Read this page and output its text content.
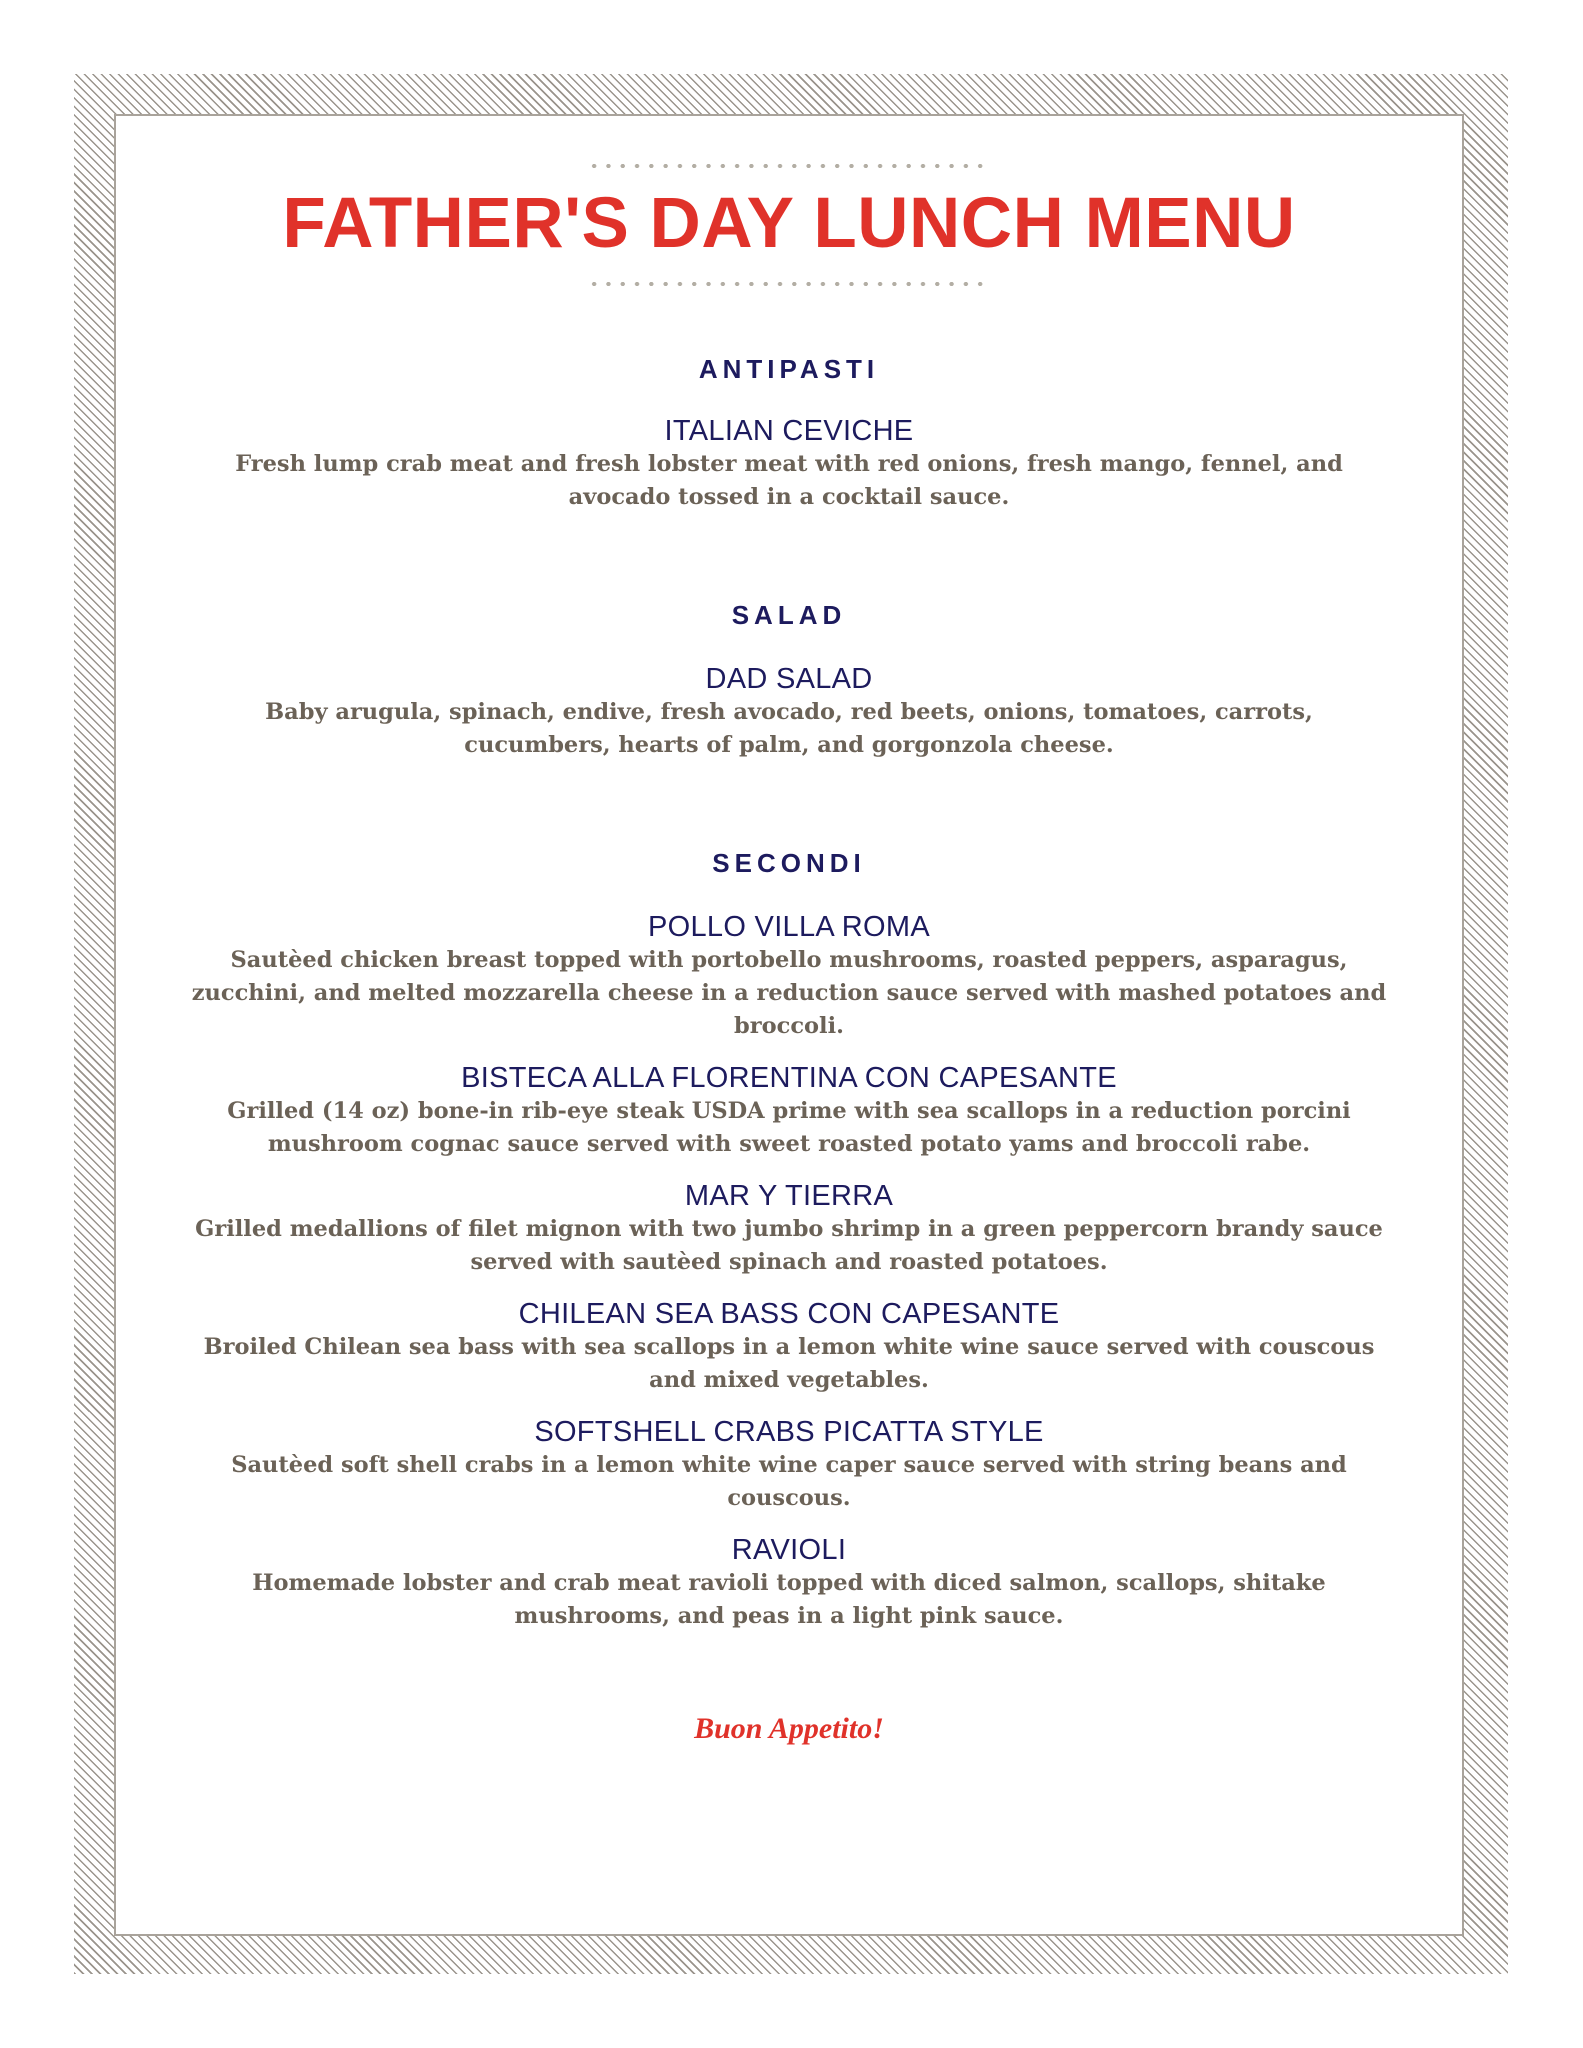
FATHER'S DAY LUNCH MENU
ANTIPASTI
ITALIAN CEVICHE
Fresh lump crab meat and fresh lobster meat with red onions, fresh mango, fennel, and avocado tossed in a cocktail sauce.
SALAD
DAD SALAD
Baby arugula, spinach, endive, fresh avocado, red beets, onions, tomatoes, carrots, cucumbers, hearts of palm, and gorgonzola cheese.
SECONDI
POLLO VILLA ROMA
Sautèed chicken breast topped with portobello mushrooms, roasted peppers, asparagus, zucchini, and melted mozzarella cheese in a reduction sauce served with mashed potatoes and broccoli.
BISTECA ALLA FLORENTINA CON CAPESANTE
Grilled (14 oz) bone-in rib-eye steak USDA prime with sea scallops in a reduction porcini mushroom cognac sauce served with sweet roasted potato yams and broccoli rabe.
MAR Y TIERRA
Grilled medallions of filet mignon with two jumbo shrimp in a green peppercorn brandy sauce served with sautèed spinach and roasted potatoes.
CHILEAN SEA BASS CON CAPESANTE
Broiled Chilean sea bass with sea scallops in a lemon white wine sauce served with couscous and mixed vegetables.
SOFTSHELL CRABS PICATTA STYLE
Sautèed soft shell crabs in a lemon white wine caper sauce served with string beans and couscous.
RAVIOLI
Homemade lobster and crab meat ravioli topped with diced salmon, scallops, shitake mushrooms, and peas in a light pink sauce.
Buon Appetito!
